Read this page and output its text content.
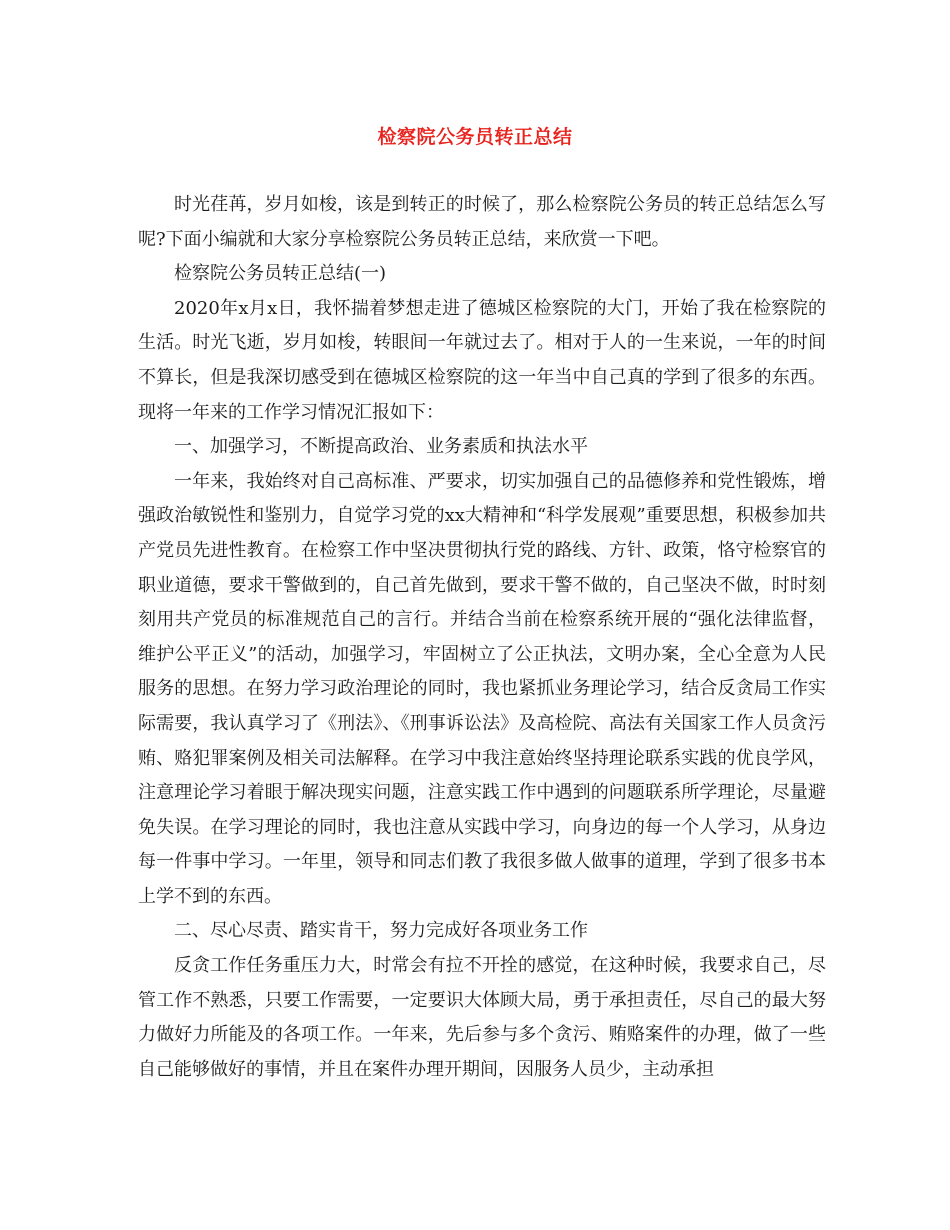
检察院公务员转正总结

时光荏苒，岁月如梭，该是到转正的时候了，那么检察院公务员的转正总结怎么写呢?下面小编就和大家分享检察院公务员转正总结，来欣赏一下吧。

检察院公务员转正总结(一)

2020年x月x日，我怀揣着梦想走进了德城区检察院的大门，开始了我在检察院的生活。时光飞逝，岁月如梭，转眼间一年就过去了。相对于人的一生来说，一年的时间不算长，但是我深切感受到在德城区检察院的这一年当中自己真的学到了很多的东西。现将一年来的工作学习情况汇报如下：

一、加强学习，不断提高政治、业务素质和执法水平

一年来，我始终对自己高标准、严要求，切实加强自己的品德修养和党性锻炼，增强政治敏锐性和鉴别力，自觉学习党的xx大精神和“科学发展观”重要思想，积极参加共产党员先进性教育。在检察工作中坚决贯彻执行党的路线、方针、政策，恪守检察官的职业道德，要求干警做到的，自己首先做到，要求干警不做的，自己坚决不做，时时刻刻用共产党员的标准规范自己的言行。并结合当前在检察系统开展的“强化法律监督，维护公平正义”的活动，加强学习，牢固树立了公正执法，文明办案，全心全意为人民服务的思想。在努力学习政治理论的同时，我也紧抓业务理论学习，结合反贪局工作实际需要，我认真学习了《刑法》、《刑事诉讼法》及高检院、高法有关国家工作人员贪污贿、赂犯罪案例及相关司法解释。在学习中我注意始终坚持理论联系实践的优良学风，注意理论学习着眼于解决现实问题，注意实践工作中遇到的问题联系所学理论，尽量避免失误。在学习理论的同时，我也注意从实践中学习，向身边的每一个人学习，从身边每一件事中学习。一年里，领导和同志们教了我很多做人做事的道理，学到了很多书本上学不到的东西。

二、尽心尽责、踏实肯干，努力完成好各项业务工作

反贪工作任务重压力大，时常会有拉不开拴的感觉，在这种时候，我要求自己，尽管工作不熟悉，只要工作需要，一定要识大体顾大局，勇于承担责任，尽自己的最大努力做好力所能及的各项工作。一年来，先后参与多个贪污、贿赂案件的办理，做了一些自己能够做好的事情，并且在案件办理开期间，因服务人员少，主动承担
